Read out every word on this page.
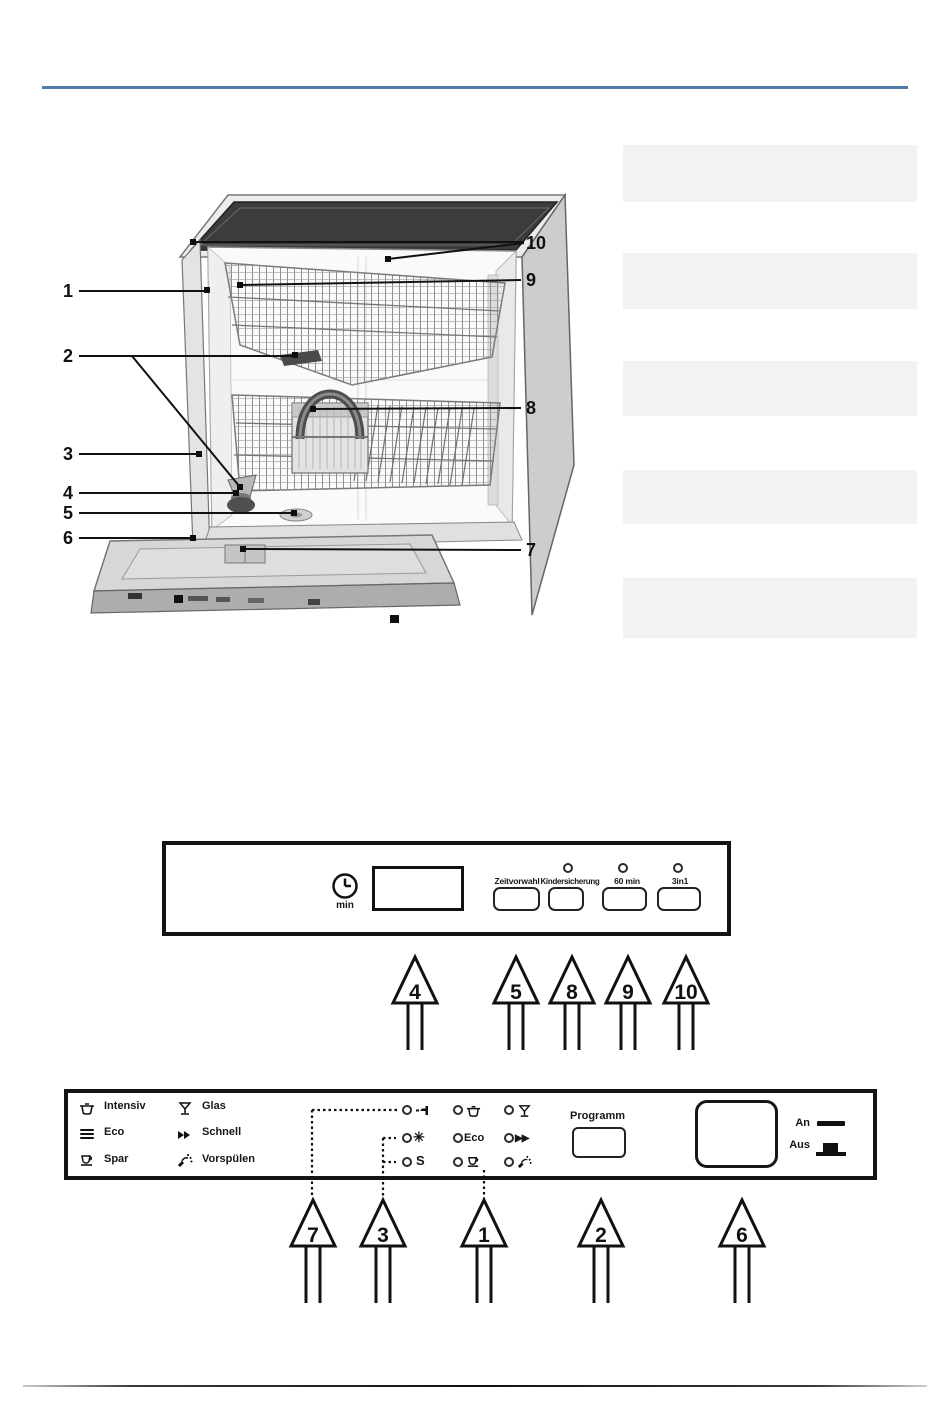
1
2
3
4
5
6
7
8
9
10
min
Zeitvorwahl Kindersicherung	60 min	3in1
4	5 8 9 10
Intensiv
Eco
Spar
Glas
Schnell
Vorspülen
✳	Eco	▶▶
S
Programm
An
Aus
7	3	1	2	6
